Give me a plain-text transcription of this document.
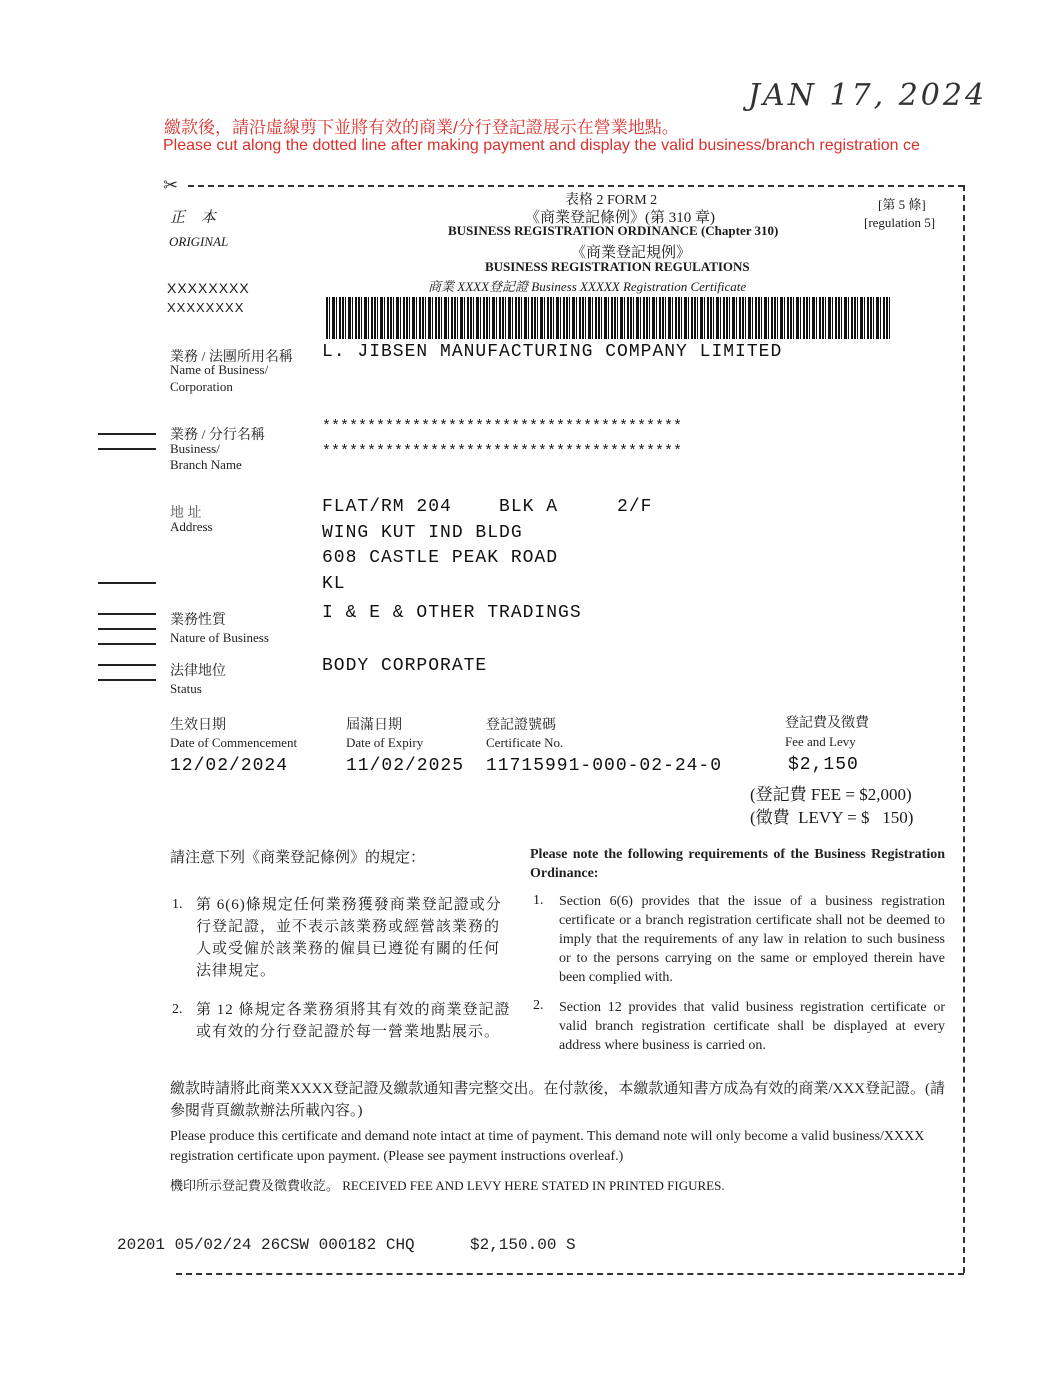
JAN 17, 2024
繳款後，請沿虛線剪下並將有效的商業/分行登記證展示在營業地點。
Please cut along the dotted line after making payment and display the valid business/branch registration ce
✂
正 本
ORIGINAL
表格 2 FORM 2
《商業登記條例》(第 310 章)
BUSINESS REGISTRATION ORDINANCE (Chapter 310)
《商業登記規例》
BUSINESS REGISTRATION REGULATIONS
商業 XXXX登記證 Business XXXXX Registration Certificate
[第 5 條]
[regulation 5]
XXXXXXXX
XXXXXXXX
業務 / 法團所用名稱
Name of Business/
Corporation
L. JIBSEN MANUFACTURING COMPANY LIMITED
業務 / 分行名稱
Business/
Branch Name
****************************************
****************************************
地 址
Address
FLAT/RM 204    BLK A     2/F
WING KUT IND BLDG
608 CASTLE PEAK ROAD
KL
業務性質
Nature of Business
I & E & OTHER TRADINGS
法律地位
Status
BODY CORPORATE
生效日期
Date of Commencement
12/02/2024
屆滿日期
Date of Expiry
11/02/2025
登記證號碼
Certificate No.
11715991-000-02-24-0
登記費及徵費
Fee and Levy
$2,150
(登記費 FEE = $2,000)
(徵費  LEVY = $   150)
請注意下列《商業登記條例》的規定：	Please note the following requirements of the Business Registration Ordinance:
1. 第 6(6)條規定任何業務獲發商業登記證或分行登記證，並不表示該業務或經營該業務的人或受僱於該業務的僱員已遵從有關的任何法律規定。
1. Section 6(6) provides that the issue of a business registration certificate or a branch registration certificate shall not be deemed to imply that the requirements of any law in relation to such business or to the persons carrying on the same or employed therein have been complied with.
2. 第 12 條規定各業務須將其有效的商業登記證或有效的分行登記證於每一營業地點展示。
2. Section 12 provides that valid business registration certificate or valid branch registration certificate shall be displayed at every address where business is carried on.
繳款時請將此商業XXXX登記證及繳款通知書完整交出。在付款後，本繳款通知書方成為有效的商業/XXX登記證。(請參閱背頁繳款辦法所載內容。)
Please produce this certificate and demand note intact at time of payment. This demand note will only become a valid business/XXXX registration certificate upon payment. (Please see payment instructions overleaf.)
機印所示登記費及徵費收訖。 RECEIVED FEE AND LEVY HERE STATED IN PRINTED FIGURES.
20201 05/02/24 26CSW 000182 CHQ	$2,150.00 S
